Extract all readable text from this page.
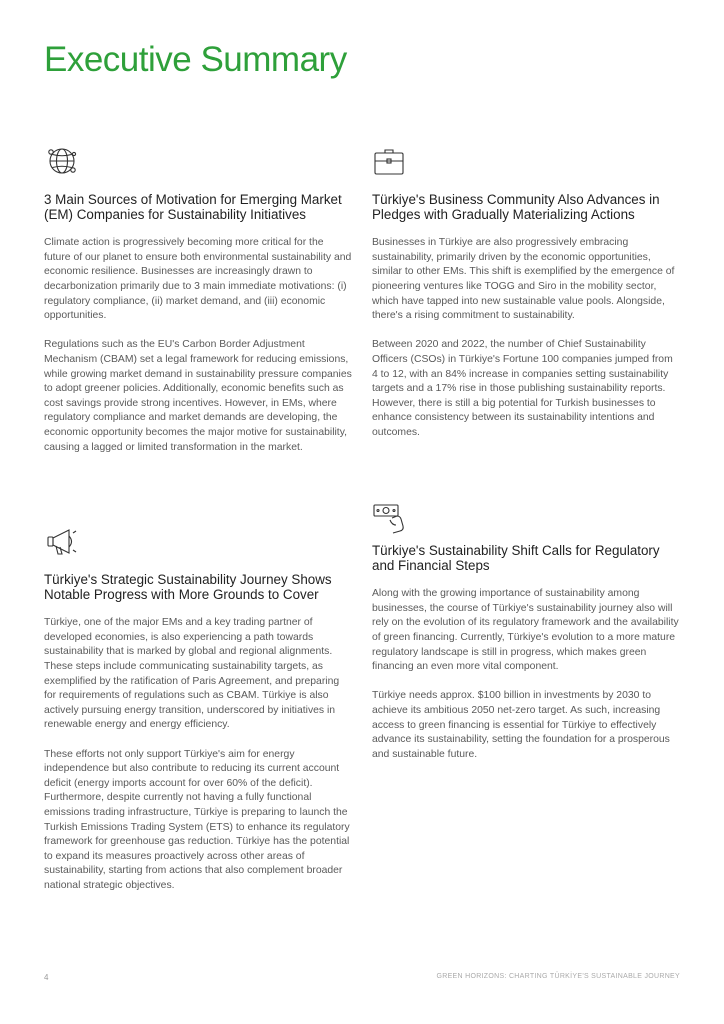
Executive Summary
3 Main Sources of Motivation for Emerging Market (EM) Companies for Sustainability Initiatives

Climate action is progressively becoming more critical for the future of our planet to ensure both environmental sustainability and economic resilience. Businesses are increasingly drawn to decarbonization primarily due to 3 main immediate motivations: (i) regulatory compliance, (ii) market demand, and (iii) economic opportunities.

Regulations such as the EU's Carbon Border Adjustment Mechanism (CBAM) set a legal framework for reducing emissions, while growing market demand in sustainability pressure companies to adopt greener policies. Additionally, economic benefits such as cost savings provide strong incentives. However, in EMs, where regulatory compliance and market demands are developing, the economic opportunity becomes the major motive for sustainability, causing a lagged or limited transformation in the market.

Türkiye's Business Community Also Advances in Pledges with Gradually Materializing Actions

Businesses in Türkiye are also progressively embracing sustainability, primarily driven by the economic opportunities, similar to other EMs. This shift is exemplified by the emergence of pioneering ventures like TOGG and Siro in the mobility sector, which have tapped into new sustainable value pools. Alongside, there's a rising commitment to sustainability.

Between 2020 and 2022, the number of Chief Sustainability Officers (CSOs) in Türkiye's Fortune 100 companies jumped from 4 to 12, with an 84% increase in companies setting sustainability targets and a 17% rise in those publishing sustainability reports. However, there is still a big potential for Turkish businesses to enhance consistency between its sustainability intentions and outcomes.

Türkiye's Strategic Sustainability Journey Shows Notable Progress with More Grounds to Cover

Türkiye, one of the major EMs and a key trading partner of developed economies, is also experiencing a path towards sustainability that is marked by global and regional alignments. These steps include communicating sustainability targets, as exemplified by the ratification of Paris Agreement, and preparing for requirements of regulations such as CBAM. Türkiye is also actively pursuing energy transition, underscored by initiatives in renewable energy and energy efficiency.

These efforts not only support Türkiye's aim for energy independence but also contribute to reducing its current account deficit (energy imports account for over 60% of the deficit). Furthermore, despite currently not having a fully functional emissions trading infrastructure, Türkiye is preparing to launch the Turkish Emissions Trading System (ETS) to enhance its regulatory framework for greenhouse gas reduction. Türkiye has the potential to expand its measures proactively across other areas of sustainability, starting from actions that also complement broader national strategic objectives.

Türkiye's Sustainability Shift Calls for Regulatory and Financial Steps

Along with the growing importance of sustainability among businesses, the course of Türkiye's sustainability journey also will rely on the evolution of its regulatory framework and the availability of green financing. Currently, Türkiye's evolution to a more mature regulatory landscape is still in progress, which makes green financing an even more vital component.

Türkiye needs approx. $100 billion in investments by 2030 to achieve its ambitious 2050 net-zero target. As such, increasing access to green financing is essential for Türkiye to effectively advance its sustainability, setting the foundation for a prosperous and sustainable future.

4	GREEN HORIZONS: CHARTING TÜRKİYE'S SUSTAINABLE JOURNEY
